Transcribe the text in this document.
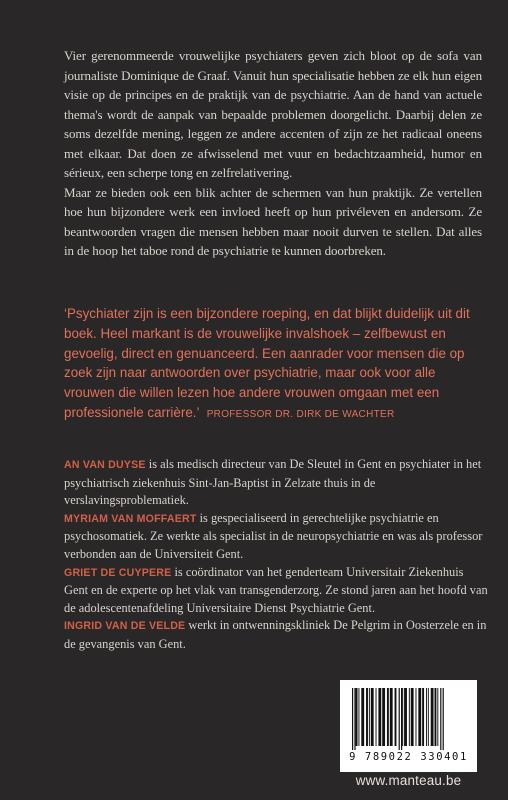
Vier gerenommeerde vrouwelijke psychiaters geven zich bloot op de sofa van journaliste Dominique de Graaf. Vanuit hun specialisatie hebben ze elk hun eigen visie op de principes en de praktijk van de psychiatrie. Aan de hand van actuele thema's wordt de aanpak van bepaalde problemen doorgelicht. Daarbij delen ze soms dezelfde mening, leggen ze andere accenten of zijn ze het radicaal oneens met elkaar. Dat doen ze afwisselend met vuur en bedachtzaamheid, humor en sérieux, een scherpe tong en zelfrelativering.

Maar ze bieden ook een blik achter de schermen van hun praktijk. Ze vertellen hoe hun bijzondere werk een invloed heeft op hun privéleven en andersom. Ze beantwoorden vragen die mensen hebben maar nooit durven te stellen. Dat alles in de hoop het taboe rond de psychiatrie te kunnen doorbreken.

‘Psychiater zijn is een bijzondere roeping, en dat blijkt duidelijk uit dit boek. Heel markant is de vrouwelijke invalshoek – zelfbewust en gevoelig, direct en genuanceerd. Een aanrader voor mensen die op zoek zijn naar antwoorden over psychiatrie, maar ook voor alle vrouwen die willen lezen hoe andere vrouwen omgaan met een professionele carrière.’ PROFESSOR DR. DIRK DE WACHTER

AN VAN DUYSE is als medisch directeur van De Sleutel in Gent en psychiater in het psychiatrisch ziekenhuis Sint-Jan-Baptist in Zelzate thuis in de verslavingsproblematiek.

MYRIAM VAN MOFFAERT is gespecialiseerd in gerechtelijke psychiatrie en psychosomatiek. Ze werkte als specialist in de neuropsychiatrie en was als professor verbonden aan de Universiteit Gent.

GRIET DE CUYPERE is coördinator van het genderteam Universitair Ziekenhuis Gent en de experte op het vlak van transgenderzorg. Ze stond jaren aan het hoofd van de adolescentenafdeling Universitaire Dienst Psychiatrie Gent.

INGRID VAN DE VELDE werkt in ontwenningskliniek De Pelgrim in Oosterzele en in de gevangenis van Gent.

9 789022 330401
www.manteau.be
